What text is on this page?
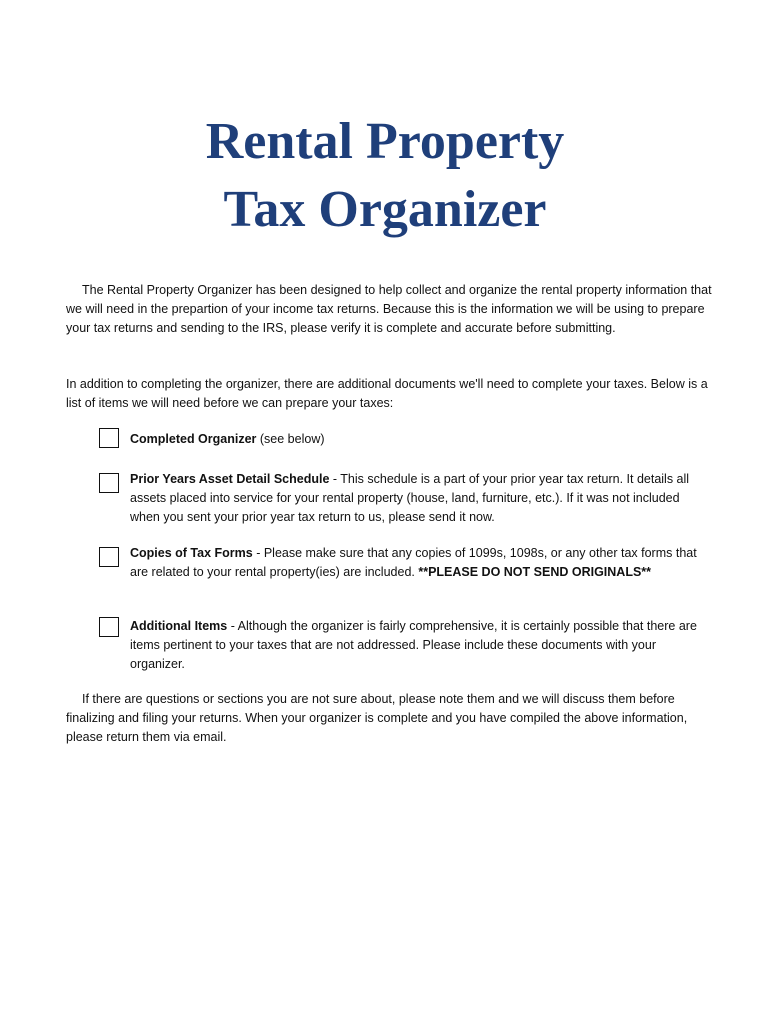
Rental Property
Tax Organizer

The Rental Property Organizer has been designed to help collect and organize the rental property information that we will need in the prepartion of your income tax returns. Because this is the information we will be using to prepare your tax returns and sending to the IRS, please verify it is complete and accurate before submitting.

In addition to completing the organizer, there are additional documents we'll need to complete your taxes. Below is a list of items we will need before we can prepare your taxes:

Completed Organizer (see below)
Prior Years Asset Detail Schedule - This schedule is a part of your prior year tax return. It details all assets placed into service for your rental property (house, land, furniture, etc.). If it was not included when you sent your prior year tax return to us, please send it now.
Copies of Tax Forms - Please make sure that any copies of 1099s, 1098s, or any other tax forms that are related to your rental property(ies) are included. **PLEASE DO NOT SEND ORIGINALS**
Additional Items - Although the organizer is fairly comprehensive, it is certainly possible that there are items pertinent to your taxes that are not addressed. Please include these documents with your organizer.

If there are questions or sections you are not sure about, please note them and we will discuss them before finalizing and filing your returns. When your organizer is complete and you have compiled the above information, please return them via email.
